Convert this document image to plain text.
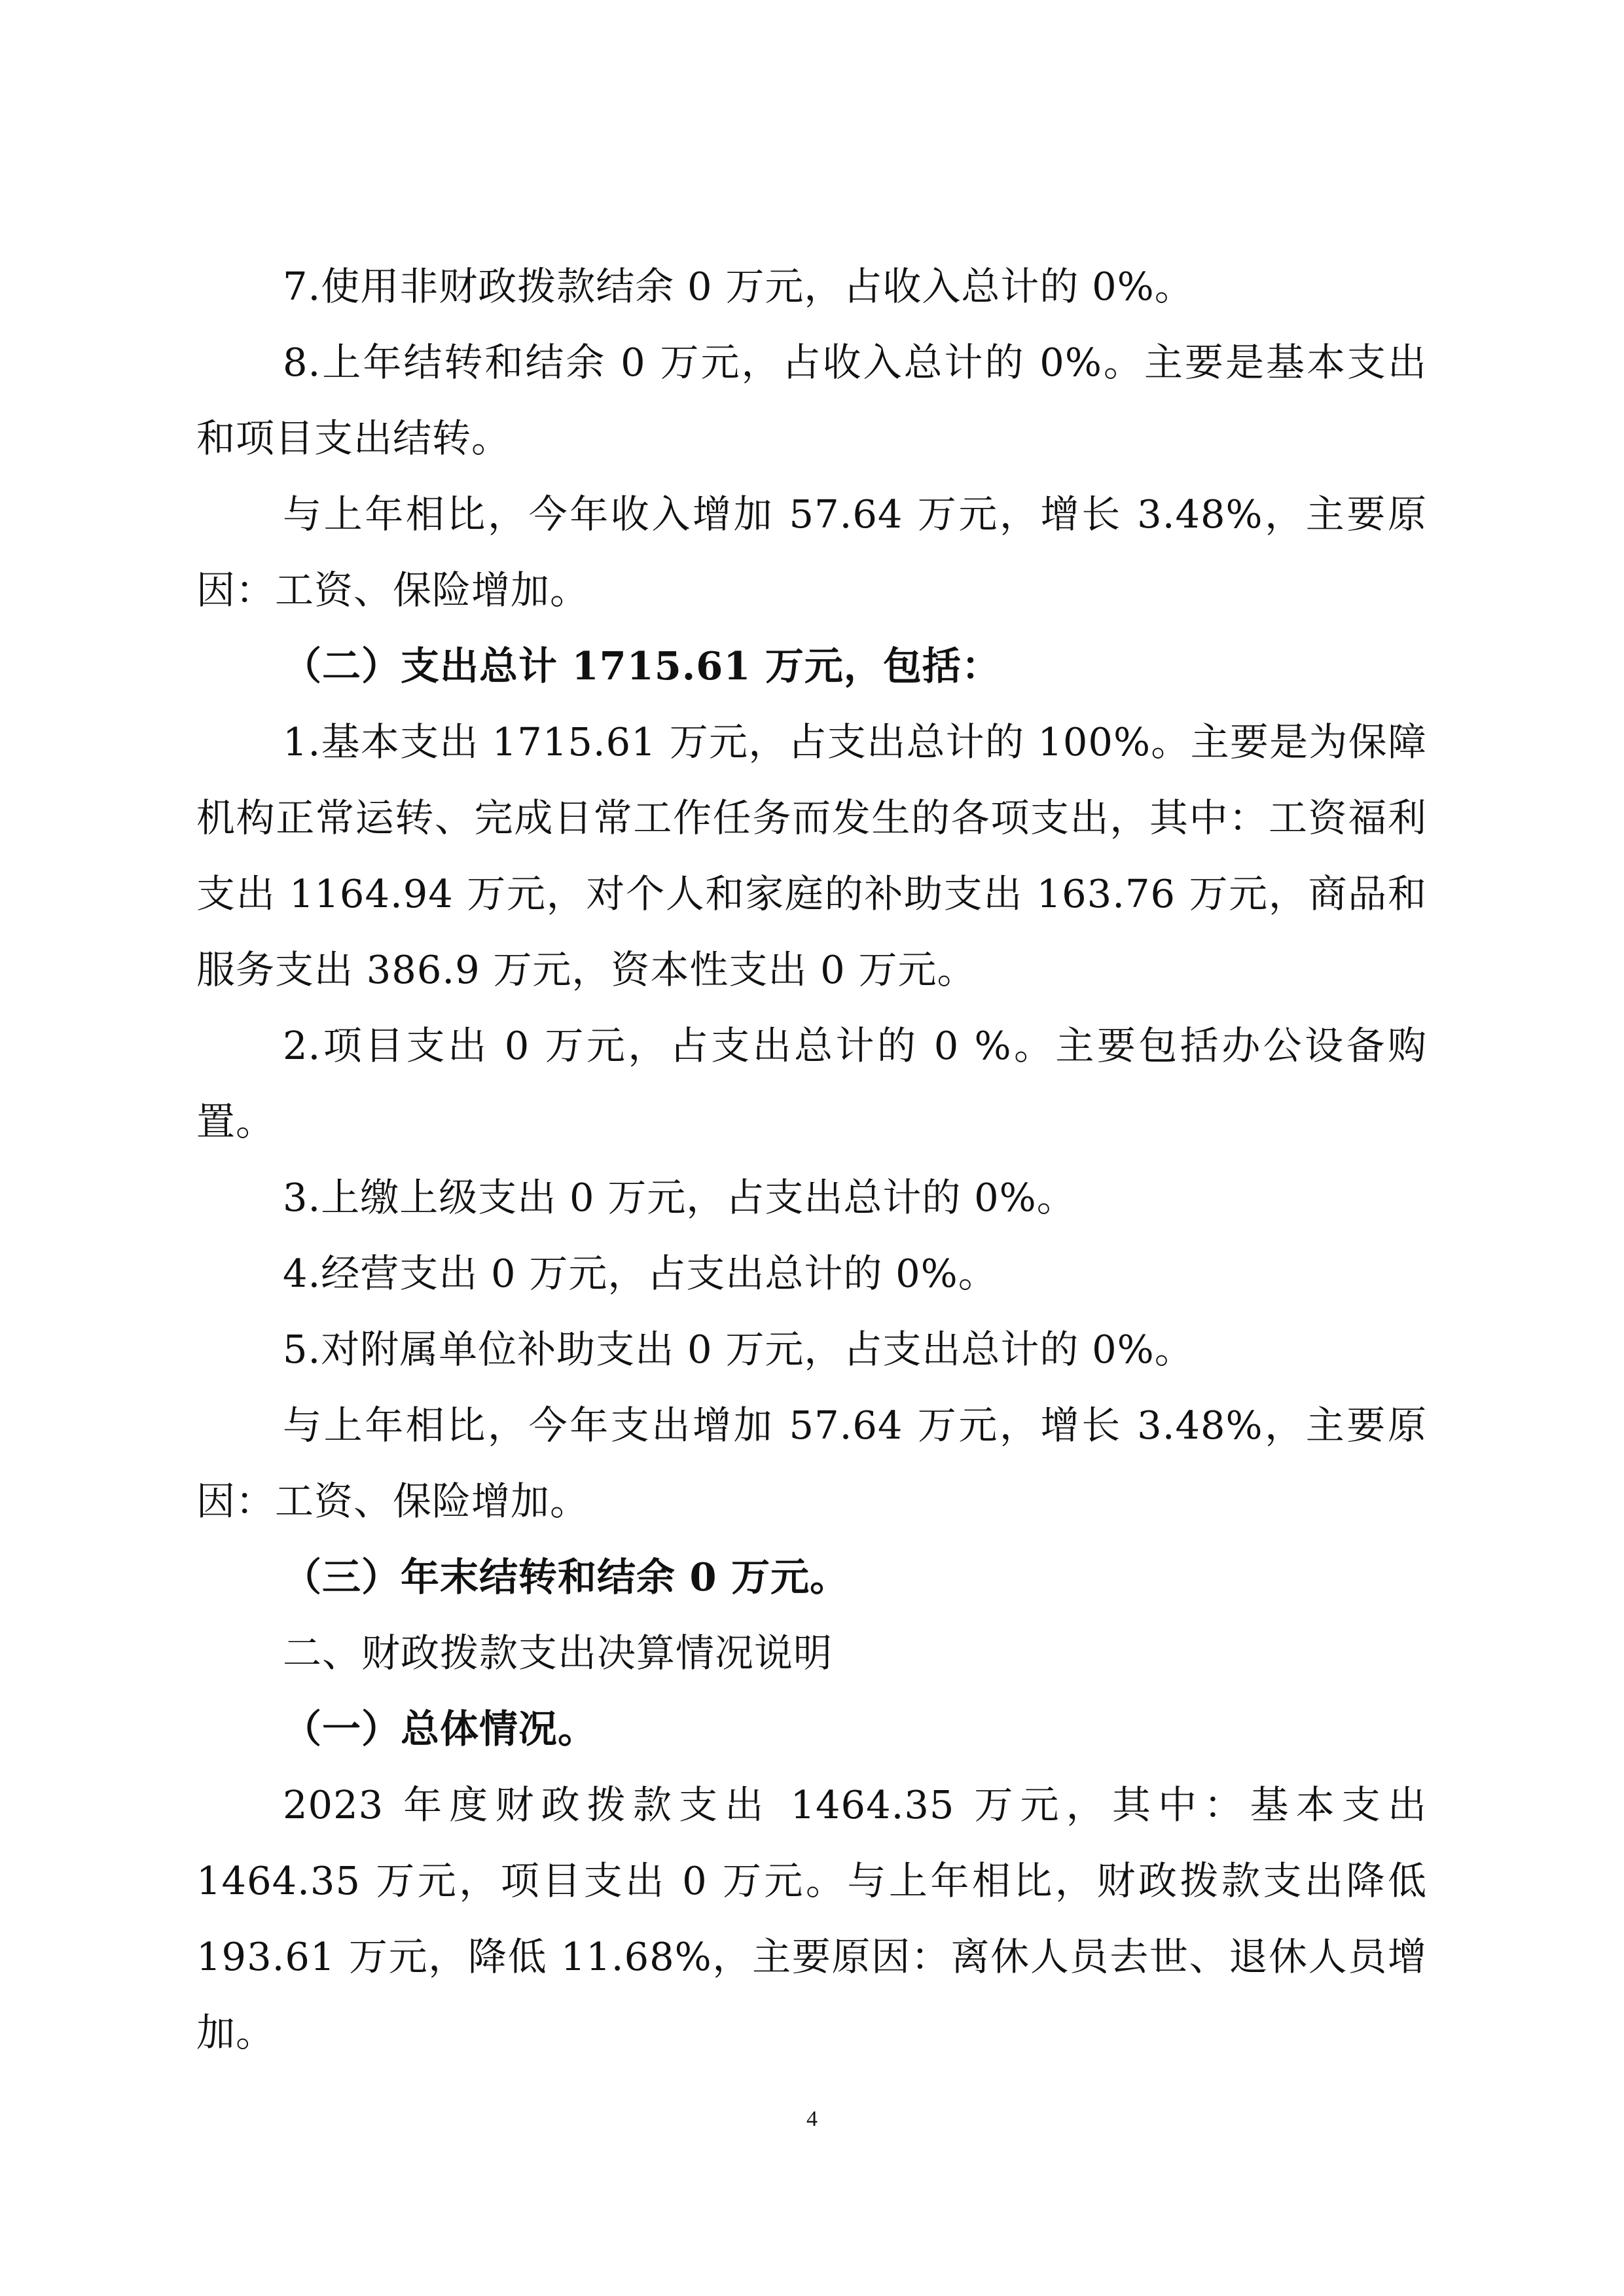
7.使用非财政拨款结余 0 万元，占收入总计的 0%。

8.上年结转和结余 0 万元，占收入总计的 0%。主要是基本支出和项目支出结转。

与上年相比，今年收入增加 57.64 万元，增长 3.48%，主要原因：工资、保险增加。

（二）支出总计 1715.61 万元，包括：

1.基本支出 1715.61 万元，占支出总计的 100%。主要是为保障机构正常运转、完成日常工作任务而发生的各项支出，其中：工资福利支出 1164.94 万元，对个人和家庭的补助支出 163.76 万元，商品和服务支出 386.9 万元，资本性支出 0 万元。

2.项目支出 0 万元，占支出总计的 0 %。主要包括办公设备购置。

3.上缴上级支出 0 万元，占支出总计的 0%。

4.经营支出 0 万元，占支出总计的 0%。

5.对附属单位补助支出 0 万元，占支出总计的 0%。

与上年相比，今年支出增加 57.64 万元，增长 3.48%，主要原因：工资、保险增加。

（三）年末结转和结余 0 万元。

二、财政拨款支出决算情况说明

（一）总体情况。

2023 年度财政拨款支出 1464.35 万元，其中：基本支出 1464.35 万元，项目支出 0 万元。与上年相比，财政拨款支出降低 193.61 万元，降低 11.68%，主要原因：离休人员去世、退休人员增加。

4
